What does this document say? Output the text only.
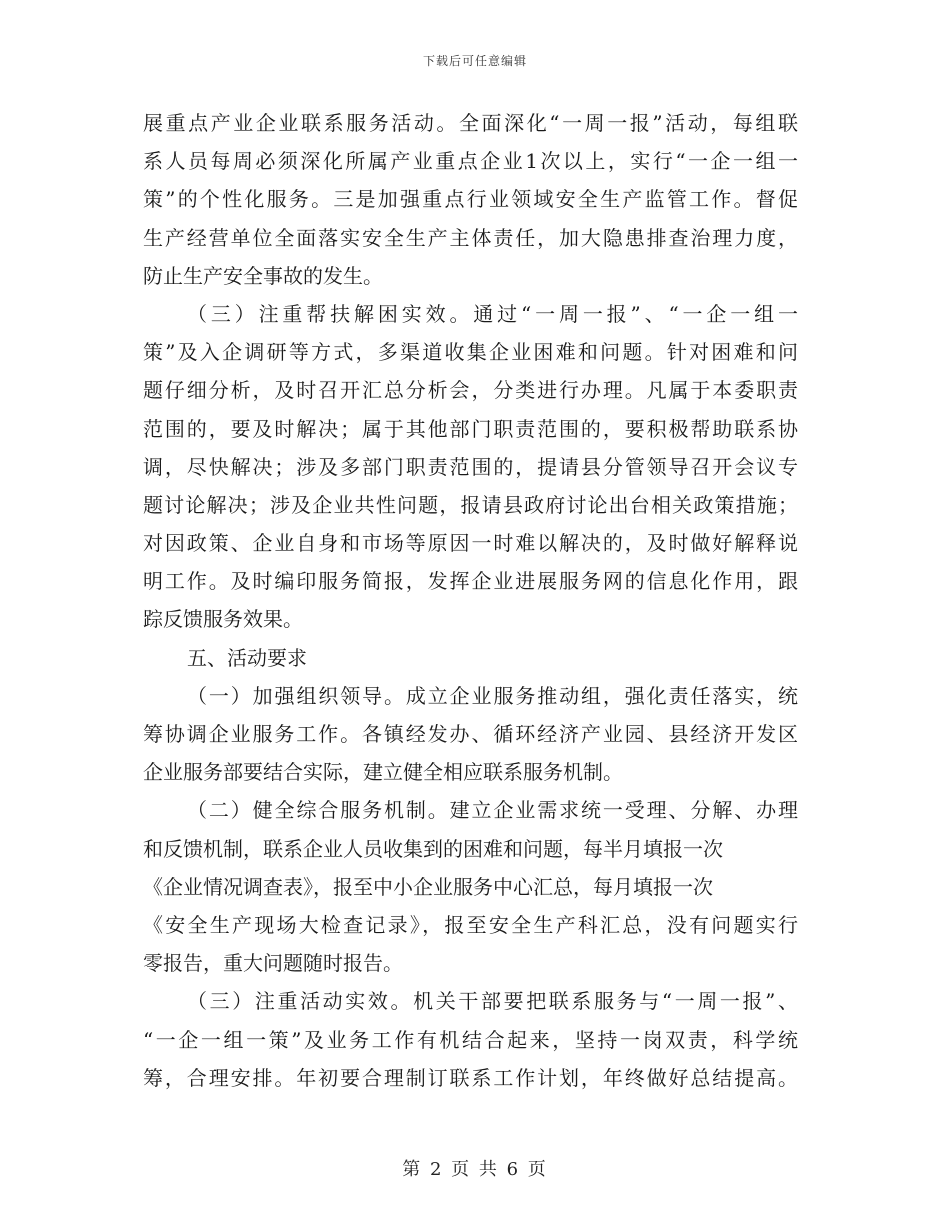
下载后可任意编辑
展重点产业企业联系服务活动。全面深化“一周一报”活动，每组联
系人员每周必须深化所属产业重点企业1次以上，实行“一企一组一
策”的个性化服务。三是加强重点行业领域安全生产监管工作。督促
生产经营单位全面落实安全生产主体责任，加大隐患排查治理力度，
防止生产安全事故的发生。
（三）注重帮扶解困实效。通过“一周一报”、“一企一组一
策”及入企调研等方式，多渠道收集企业困难和问题。针对困难和问
题仔细分析，及时召开汇总分析会，分类进行办理。凡属于本委职责
范围的，要及时解决；属于其他部门职责范围的，要积极帮助联系协
调，尽快解决；涉及多部门职责范围的，提请县分管领导召开会议专
题讨论解决；涉及企业共性问题，报请县政府讨论出台相关政策措施；
对因政策、企业自身和市场等原因一时难以解决的，及时做好解释说
明工作。及时编印服务简报，发挥企业进展服务网的信息化作用，跟
踪反馈服务效果。
五、活动要求
（一）加强组织领导。成立企业服务推动组，强化责任落实，统
筹协调企业服务工作。各镇经发办、循环经济产业园、县经济开发区
企业服务部要结合实际，建立健全相应联系服务机制。
（二）健全综合服务机制。建立企业需求统一受理、分解、办理
和反馈机制，联系企业人员收集到的困难和问题，每半月填报一次
《企业情况调查表》，报至中小企业服务中心汇总，每月填报一次
《安全生产现场大检查记录》，报至安全生产科汇总，没有问题实行
零报告，重大问题随时报告。
（三）注重活动实效。机关干部要把联系服务与“一周一报”、
“一企一组一策”及业务工作有机结合起来，坚持一岗双责，科学统
筹，合理安排。年初要合理制订联系工作计划，年终做好总结提高。
第 2 页 共 6 页
